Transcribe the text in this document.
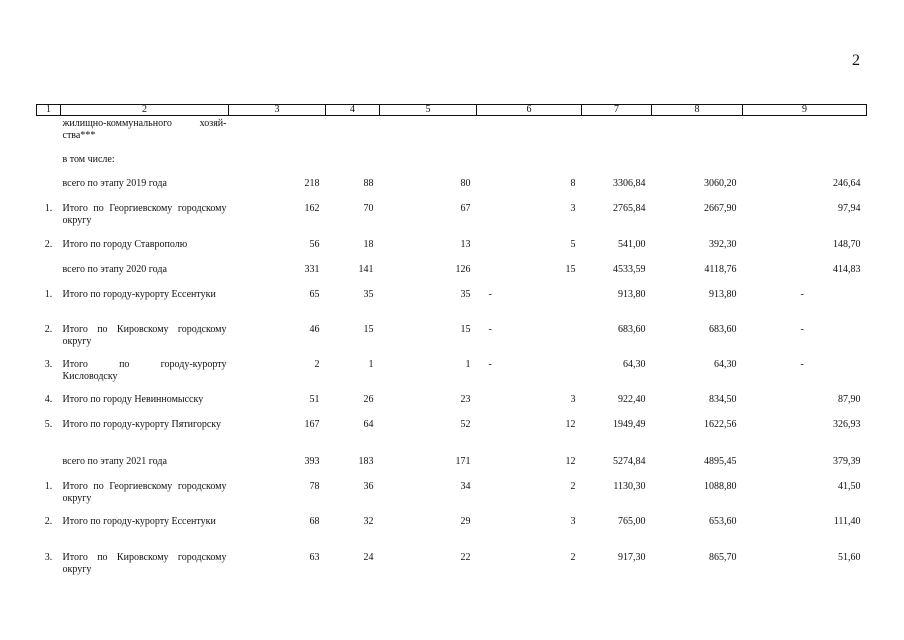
2
1	2	3	4	5	6	7	8	9
	жилищно-коммунального хозяй-ства***							
	в том числе:							
	всего по этапу 2019 года	218	88	80	8	3306,84	3060,20	246,64
1.	Итого по Георгиевскому городскому округу	162	70	67	3	2765,84	2667,90	97,94
2.	Итого по городу Ставрополю	56	18	13	5	541,00	392,30	148,70
	всего по этапу 2020 года	331	141	126	15	4533,59	4118,76	414,83
1.	Итого по городу-курорту Ессентуки	65	35	35	-	913,80	913,80	-
2.	Итого по Кировскому городскому округу	46	15	15	-	683,60	683,60	-
3.	Итого по городу-курорту Кисловодску	2	1	1	-	64,30	64,30	-
4.	Итого по городу Невинномысску	51	26	23	3	922,40	834,50	87,90
5.	Итого по городу-курорту Пятигорску	167	64	52	12	1949,49	1622,56	326,93
	всего по этапу 2021 года	393	183	171	12	5274,84	4895,45	379,39
1.	Итого по Георгиевскому городскому округу	78	36	34	2	1130,30	1088,80	41,50
2.	Итого по городу-курорту Ессентуки	68	32	29	3	765,00	653,60	111,40
3.	Итого по Кировскому городскому округу	63	24	22	2	917,30	865,70	51,60
